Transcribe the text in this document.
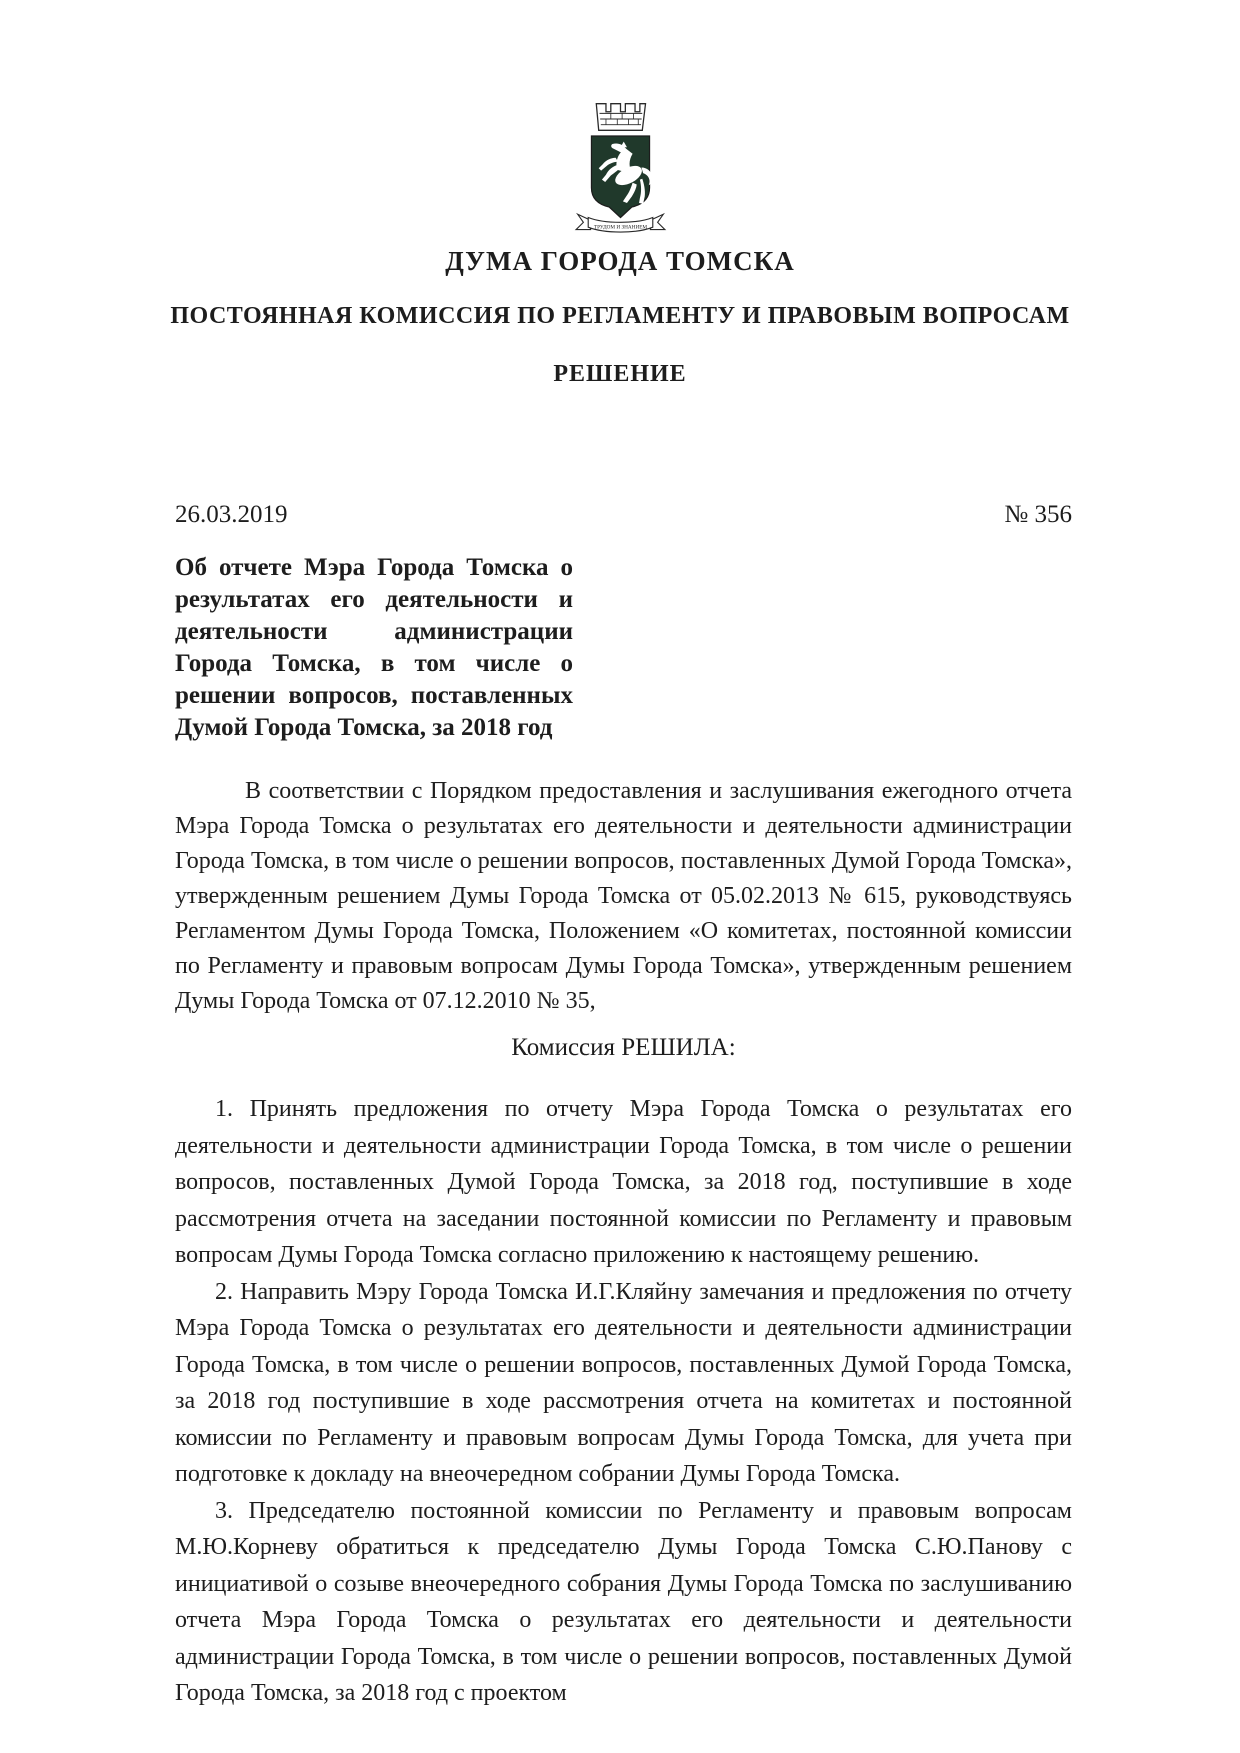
ТРУДОМ И ЗНАНИЕМ
ДУМА ГОРОДА ТОМСКА
ПОСТОЯННАЯ КОМИССИЯ ПО РЕГЛАМЕНТУ И ПРАВОВЫМ ВОПРОСАМ
РЕШЕНИЕ
26.03.2019	№ 356
Об отчете Мэра Города Томска о результатах его деятельности и деятельности администрации Города Томска, в том числе о решении вопросов, поставленных Думой Города Томска, за 2018 год

В соответствии с Порядком предоставления и заслушивания ежегодного отчета Мэра Города Томска о результатах его деятельности и деятельности администрации Города Томска, в том числе о решении вопросов, поставленных Думой Города Томска», утвержденным решением Думы Города Томска от 05.02.2013 № 615, руководствуясь Регламентом Думы Города Томска, Положением «О комитетах, постоянной комиссии по Регламенту и правовым вопросам Думы Города Томска», утвержденным решением Думы Города Томска от 07.12.2010 № 35,

Комиссия РЕШИЛА:

1. Принять предложения по отчету Мэра Города Томска о результатах его деятельности и деятельности администрации Города Томска, в том числе о решении вопросов, поставленных Думой Города Томска, за 2018 год, поступившие в ходе рассмотрения отчета на заседании постоянной комиссии по Регламенту и правовым вопросам Думы Города Томска согласно приложению к настоящему решению.

2. Направить Мэру Города Томска И.Г.Кляйну замечания и предложения по отчету Мэра Города Томска о результатах его деятельности и деятельности администрации Города Томска, в том числе о решении вопросов, поставленных Думой Города Томска, за 2018 год поступившие в ходе рассмотрения отчета на комитетах и постоянной комиссии по Регламенту и правовым вопросам Думы Города Томска, для учета при подготовке к докладу на внеочередном собрании Думы Города Томска.

3. Председателю постоянной комиссии по Регламенту и правовым вопросам М.Ю.Корневу обратиться к председателю Думы Города Томска С.Ю.Панову с инициативой о созыве внеочередного собрания Думы Города Томска по заслушиванию отчета Мэра Города Томска о результатах его деятельности и деятельности администрации Города Томска, в том числе о решении вопросов, поставленных Думой Города Томска, за 2018 год с проектом
